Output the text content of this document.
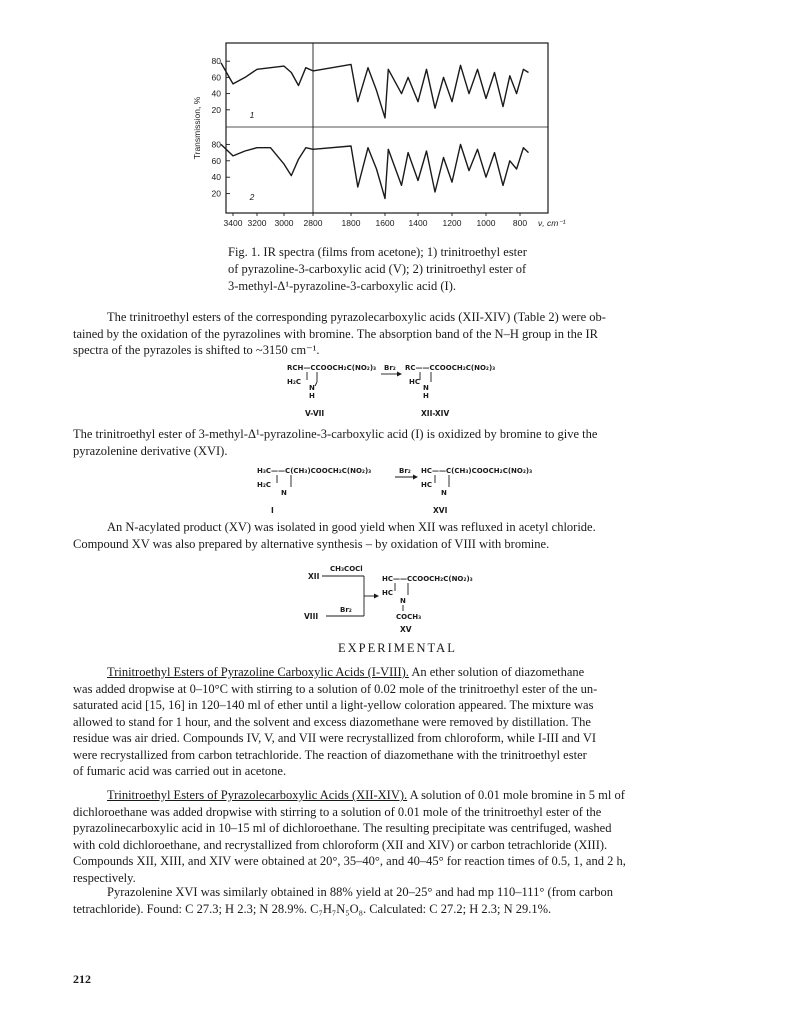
20
40
60
80
20
40
60
80
1
2
Transmission, %
3400 3200 3000 2800 1800 1600 1400 1200 1000 800 ν, cm⁻¹
Fig. 1. IR spectra (films from acetone); 1) trinitroethyl ester
of pyrazoline-3-carboxylic acid (V); 2) trinitroethyl ester of
3-methyl-Δ¹-pyrazoline-3-carboxylic acid (I).
The trinitroethyl esters of the corresponding pyrazolecarboxylic acids (XII-XIV) (Table 2) were ob-
tained by the oxidation of the pyrazolines with bromine. The absorption band of the N–H group in the IR
spectra of the pyrazoles is shifted to ~3150 cm⁻¹.
RCH—CCOOCH₂C(NO₂)₃
H₂C
N
H
Br₂ RC——CCOOCH₂C(NO₂)₃
HC
N
H
V-VII	XII-XIV
The trinitroethyl ester of 3-methyl-Δ¹-pyrazoline-3-carboxylic acid (I) is oxidized by bromine to give the
pyrazolenine derivative (XVI).
H₃C——C(CH₃)COOCH₂C(NO₂)₃
H₂C
N
Br₂ HC——C(CH₃)COOCH₂C(NO₂)₃
HC
N
I	XVI
An N-acylated product (XV) was isolated in good yield when XII was refluxed in acetyl chloride.
Compound XV was also prepared by alternative synthesis – by oxidation of VIII with bromine.
CH₃COCl
XII
VIII
Br₂
HC——CCOOCH₂C(NO₂)₃
HC
N
COCH₃
XV
EXPERIMENTAL
Trinitroethyl Esters of Pyrazoline Carboxylic Acids (I-VIII). An ether solution of diazomethane
was added dropwise at 0–10°C with stirring to a solution of 0.02 mole of the trinitroethyl ester of the un-
saturated acid [15, 16] in 120–140 ml of ether until a light-yellow coloration appeared. The mixture was
allowed to stand for 1 hour, and the solvent and excess diazomethane were removed by distillation. The
residue was air dried. Compounds IV, V, and VII were recrystallized from chloroform, while I-III and VI
were recrystallized from carbon tetrachloride. The reaction of diazomethane with the trinitroethyl ester
of fumaric acid was carried out in acetone.
Trinitroethyl Esters of Pyrazolecarboxylic Acids (XII-XIV). A solution of 0.01 mole bromine in 5 ml of
dichloroethane was added dropwise with stirring to a solution of 0.01 mole of the trinitroethyl ester of the
pyrazolinecarboxylic acid in 10–15 ml of dichloroethane. The resulting precipitate was centrifuged, washed
with cold dichloroethane, and recrystallized from chloroform (XII and XIV) or carbon tetrachloride (XIII).
Compounds XII, XIII, and XIV were obtained at 20°, 35–40°, and 40–45° for reaction times of 0.5, 1, and 2 h,
respectively.
Pyrazolenine XVI was similarly obtained in 88% yield at 20–25° and had mp 110–111° (from carbon
tetrachloride). Found: C 27.3; H 2.3; N 28.9%. C₇H₇N₅O₈. Calculated: C 27.2; H 2.3; N 29.1%.
212
